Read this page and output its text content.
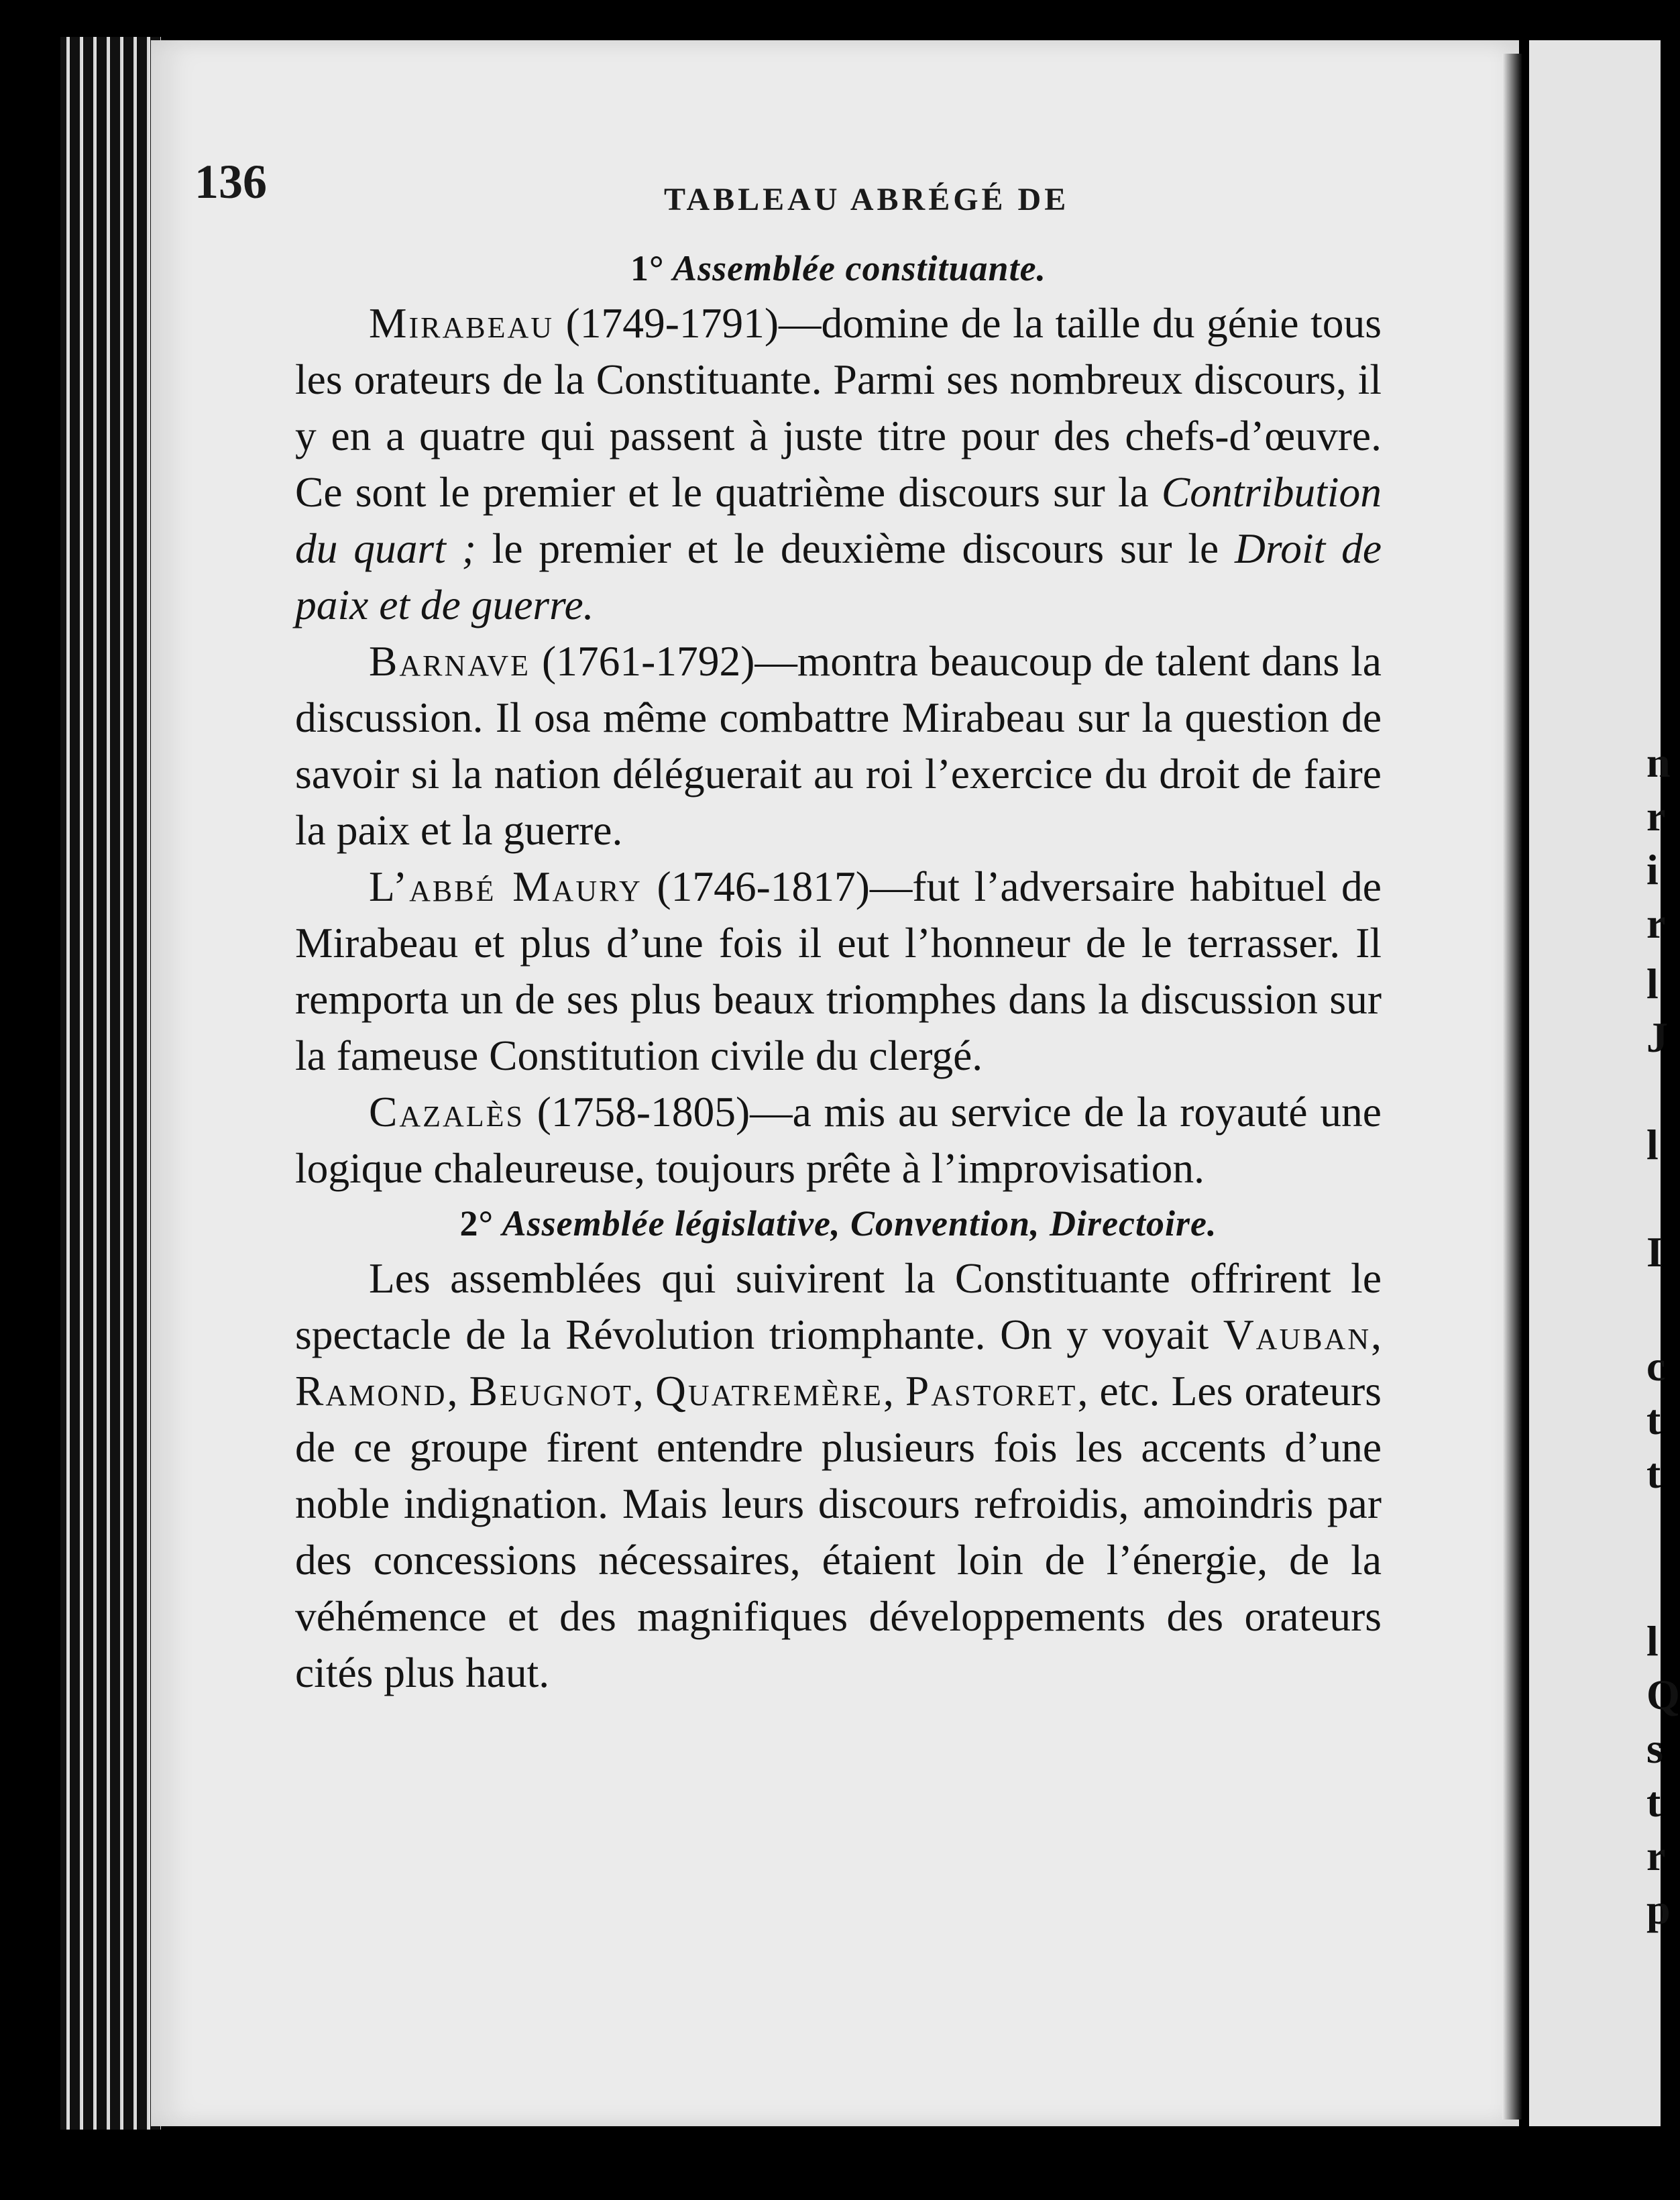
n
r
i
r
l
J
l
I
c
t
t
l
Q
s
t
r
p
136	TABLEAU ABRÉGÉ DE

1° Assemblée constituante.

Mirabeau (1749-1791)—domine de la taille du génie tous les orateurs de la Constituante. Parmi ses nombreux discours, il y en a quatre qui passent à juste titre pour des chefs-d’œuvre. Ce sont le premier et le quatrième discours sur la Contribution du quart ; le premier et le deuxième discours sur le Droit de paix et de guerre.

Barnave (1761-1792)—montra beaucoup de talent dans la discussion. Il osa même combattre Mirabeau sur la question de savoir si la nation déléguerait au roi l’exercice du droit de faire la paix et la guerre.

L’abbé Maury (1746-1817)—fut l’adversaire habituel de Mirabeau et plus d’une fois il eut l’honneur de le terrasser. Il remporta un de ses plus beaux triomphes dans la discussion sur la fameuse Constitution civile du clergé.

Cazalès (1758-1805)—a mis au service de la royauté une logique chaleureuse, toujours prête à l’improvisation.

2° Assemblée législative, Convention, Directoire.

Les assemblées qui suivirent la Constituante offrirent le spectacle de la Révolution triomphante. On y voyait Vauban, Ramond, Beugnot, Quatremère, Pastoret, etc. Les orateurs de ce groupe firent entendre plusieurs fois les accents d’une noble indignation. Mais leurs discours refroidis, amoindris par des concessions nécessaires, étaient loin de l’énergie, de la véhémence et des magnifiques développements des orateurs cités plus haut.
